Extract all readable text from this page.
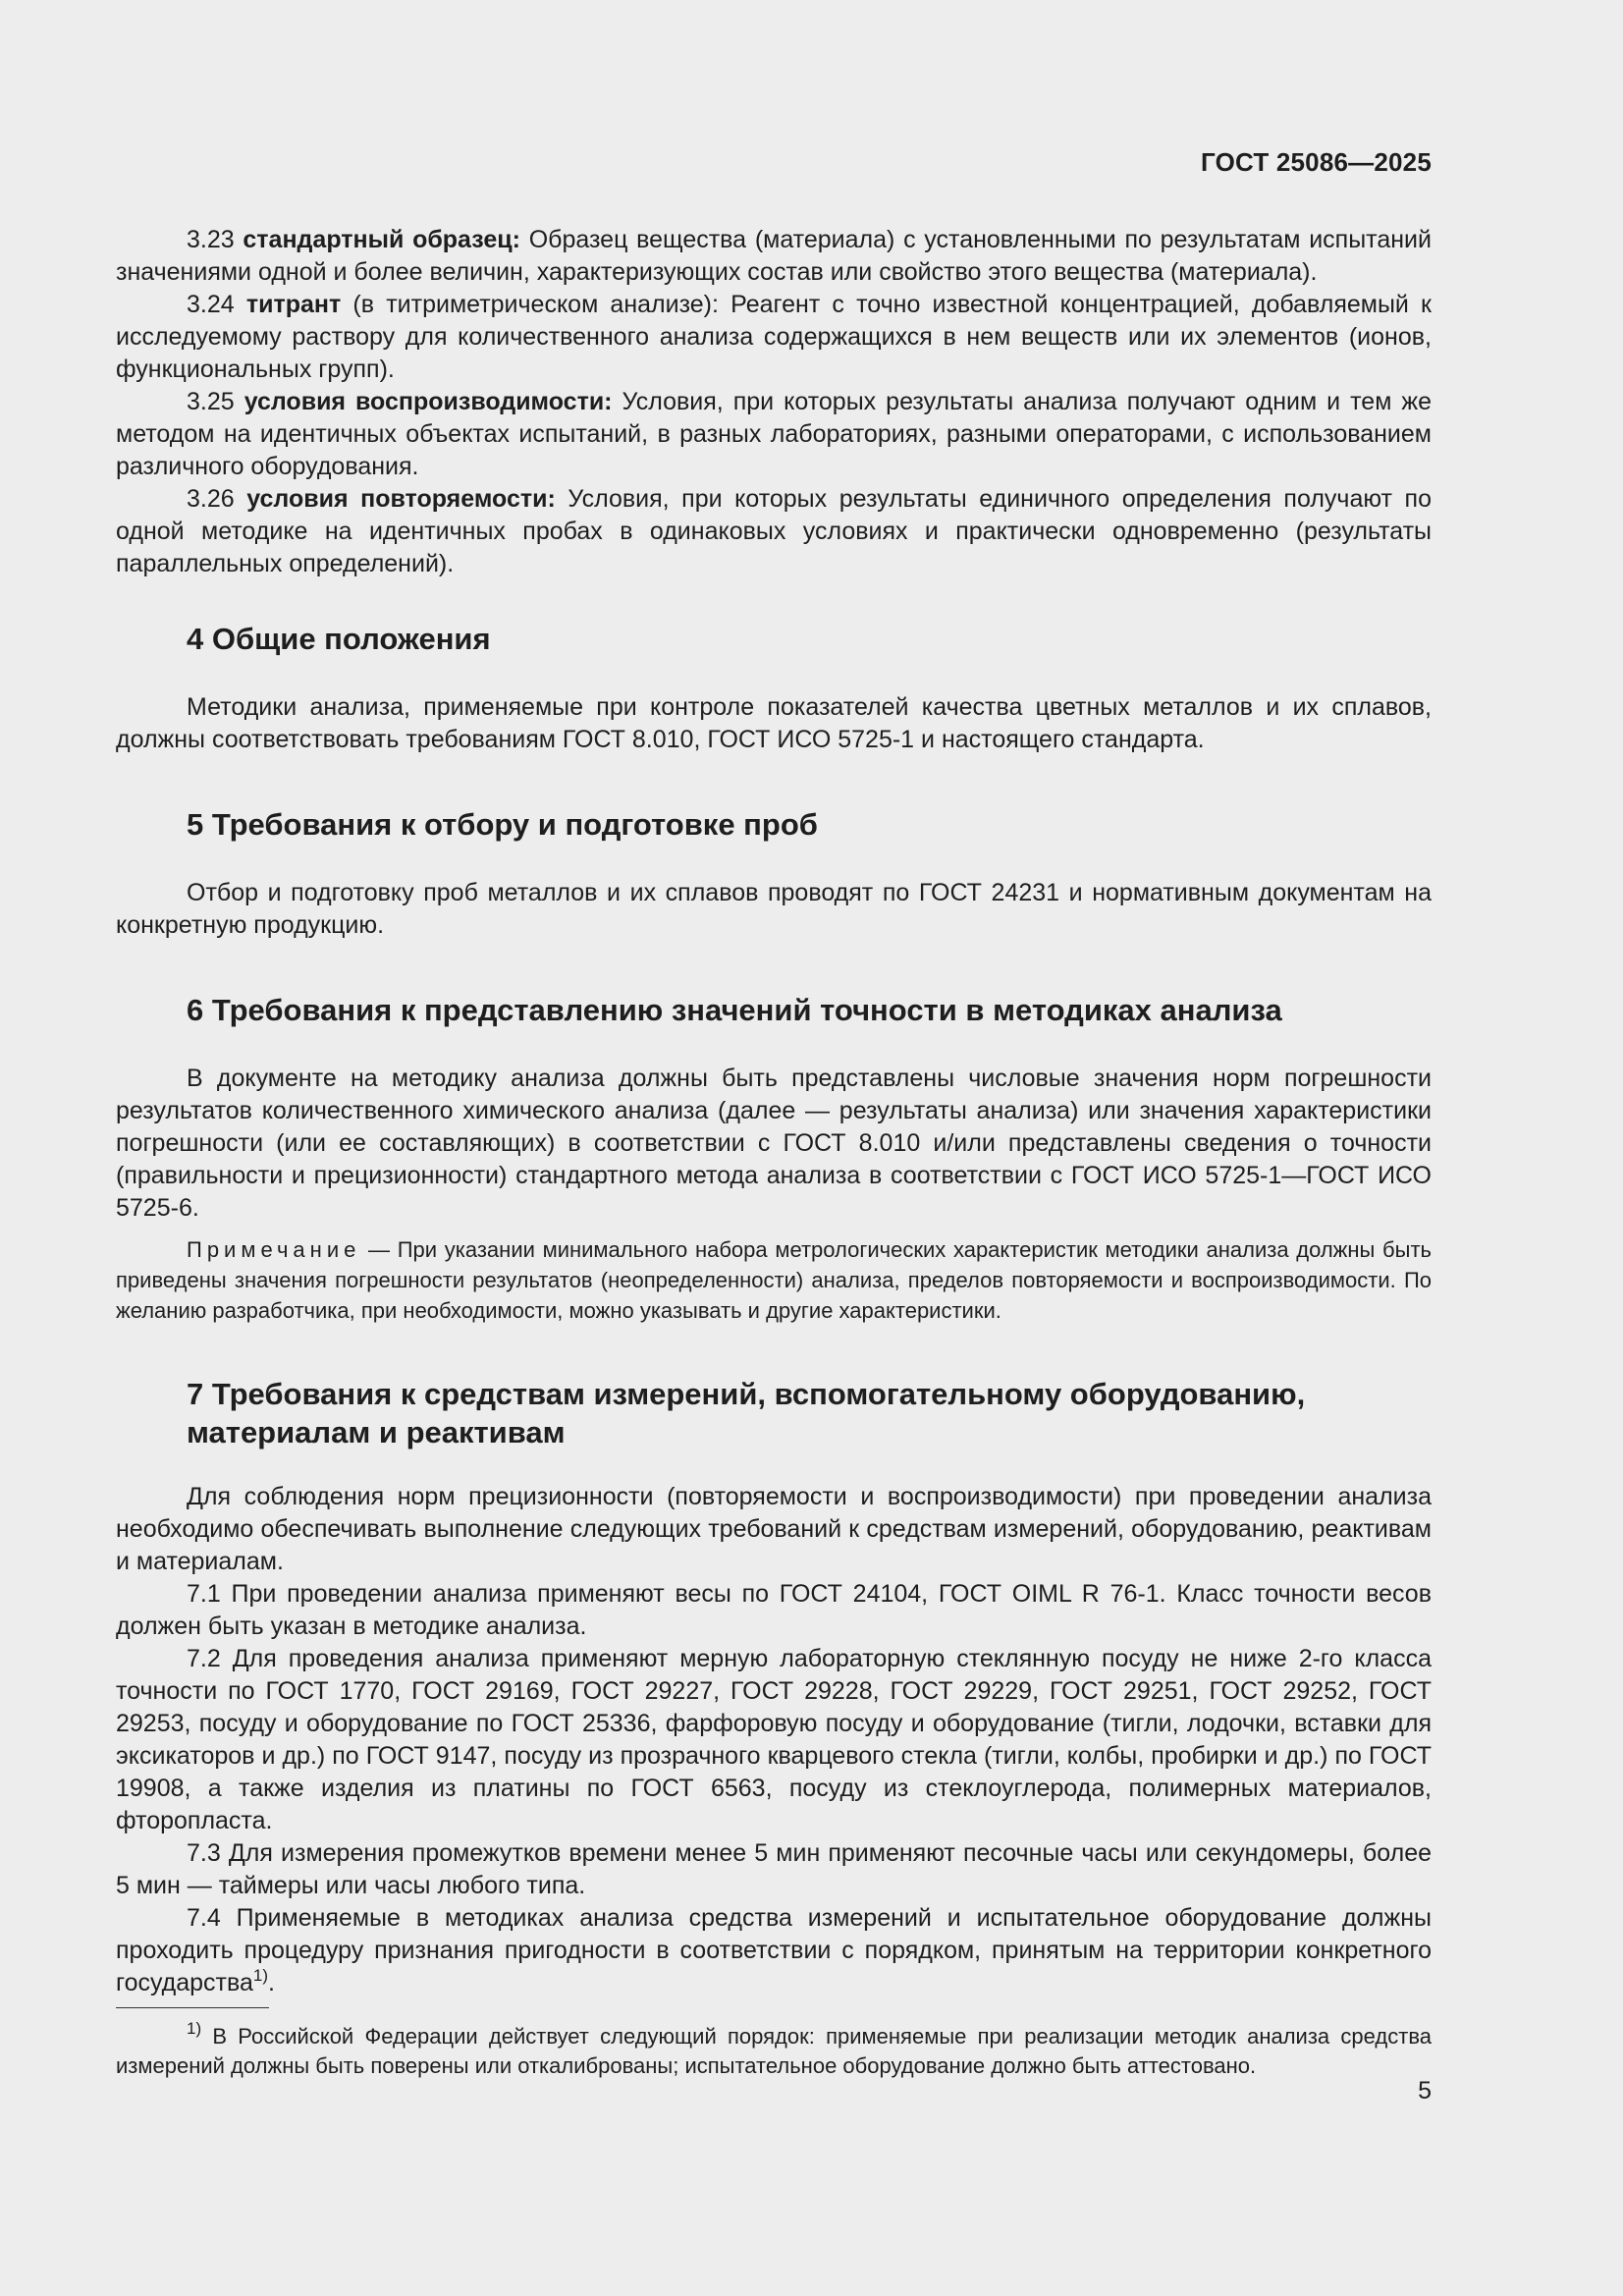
ГОСТ 25086—2025

3.23 стандартный образец: Образец вещества (материала) с установленными по результатам испытаний значениями одной и более величин, характеризующих состав или свойство этого вещества (материала).

3.24 титрант (в титриметрическом анализе): Реагент с точно известной концентрацией, добавляемый к исследуемому раствору для количественного анализа содержащихся в нем веществ или их элементов (ионов, функциональных групп).

3.25 условия воспроизводимости: Условия, при которых результаты анализа получают одним и тем же методом на идентичных объектах испытаний, в разных лабораториях, разными операторами, с использованием различного оборудования.

3.26 условия повторяемости: Условия, при которых результаты единичного определения получают по одной методике на идентичных пробах в одинаковых условиях и практически одновременно (результаты параллельных определений).

4 Общие положения

Методики анализа, применяемые при контроле показателей качества цветных металлов и их сплавов, должны соответствовать требованиям ГОСТ 8.010, ГОСТ ИСО 5725-1 и настоящего стандарта.

5 Требования к отбору и подготовке проб

Отбор и подготовку проб металлов и их сплавов проводят по ГОСТ 24231 и нормативным документам на конкретную продукцию.

6 Требования к представлению значений точности в методиках анализа

В документе на методику анализа должны быть представлены числовые значения норм погрешности результатов количественного химического анализа (далее — результаты анализа) или значения характеристики погрешности (или ее составляющих) в соответствии с ГОСТ 8.010 и/или представлены сведения о точности (правильности и прецизионности) стандартного метода анализа в соответствии с ГОСТ ИСО 5725-1—ГОСТ ИСО 5725-6.

Примечание — При указании минимального набора метрологических характеристик методики анализа должны быть приведены значения погрешности результатов (неопределенности) анализа, пределов повторяемости и воспроизводимости. По желанию разработчика, при необходимости, можно указывать и другие характеристики.

7 Требования к средствам измерений, вспомогательному оборудованию,
материалам и реактивам

Для соблюдения норм прецизионности (повторяемости и воспроизводимости) при проведении анализа необходимо обеспечивать выполнение следующих требований к средствам измерений, оборудованию, реактивам и материалам.

7.1 При проведении анализа применяют весы по ГОСТ 24104, ГОСТ OIML R 76-1. Класс точности весов должен быть указан в методике анализа.

7.2 Для проведения анализа применяют мерную лабораторную стеклянную посуду не ниже 2-го класса точности по ГОСТ 1770, ГОСТ 29169, ГОСТ 29227, ГОСТ 29228, ГОСТ 29229, ГОСТ 29251, ГОСТ 29252, ГОСТ 29253, посуду и оборудование по ГОСТ 25336, фарфоровую посуду и оборудование (тигли, лодочки, вставки для эксикаторов и др.) по ГОСТ 9147, посуду из прозрачного кварцевого стекла (тигли, колбы, пробирки и др.) по ГОСТ 19908, а также изделия из платины по ГОСТ 6563, посуду из стеклоуглерода, полимерных материалов, фторопласта.

7.3 Для измерения промежутков времени менее 5 мин применяют песочные часы или секундомеры, более 5 мин — таймеры или часы любого типа.

7.4 Применяемые в методиках анализа средства измерений и испытательное оборудование должны проходить процедуру признания пригодности в соответствии с порядком, принятым на территории конкретного государства$^{1)}$.

$^{1)}$ В Российской Федерации действует следующий порядок: применяемые при реализации методик анализа средства измерений должны быть поверены или откалиброваны; испытательное оборудование должно быть аттестовано.

5
